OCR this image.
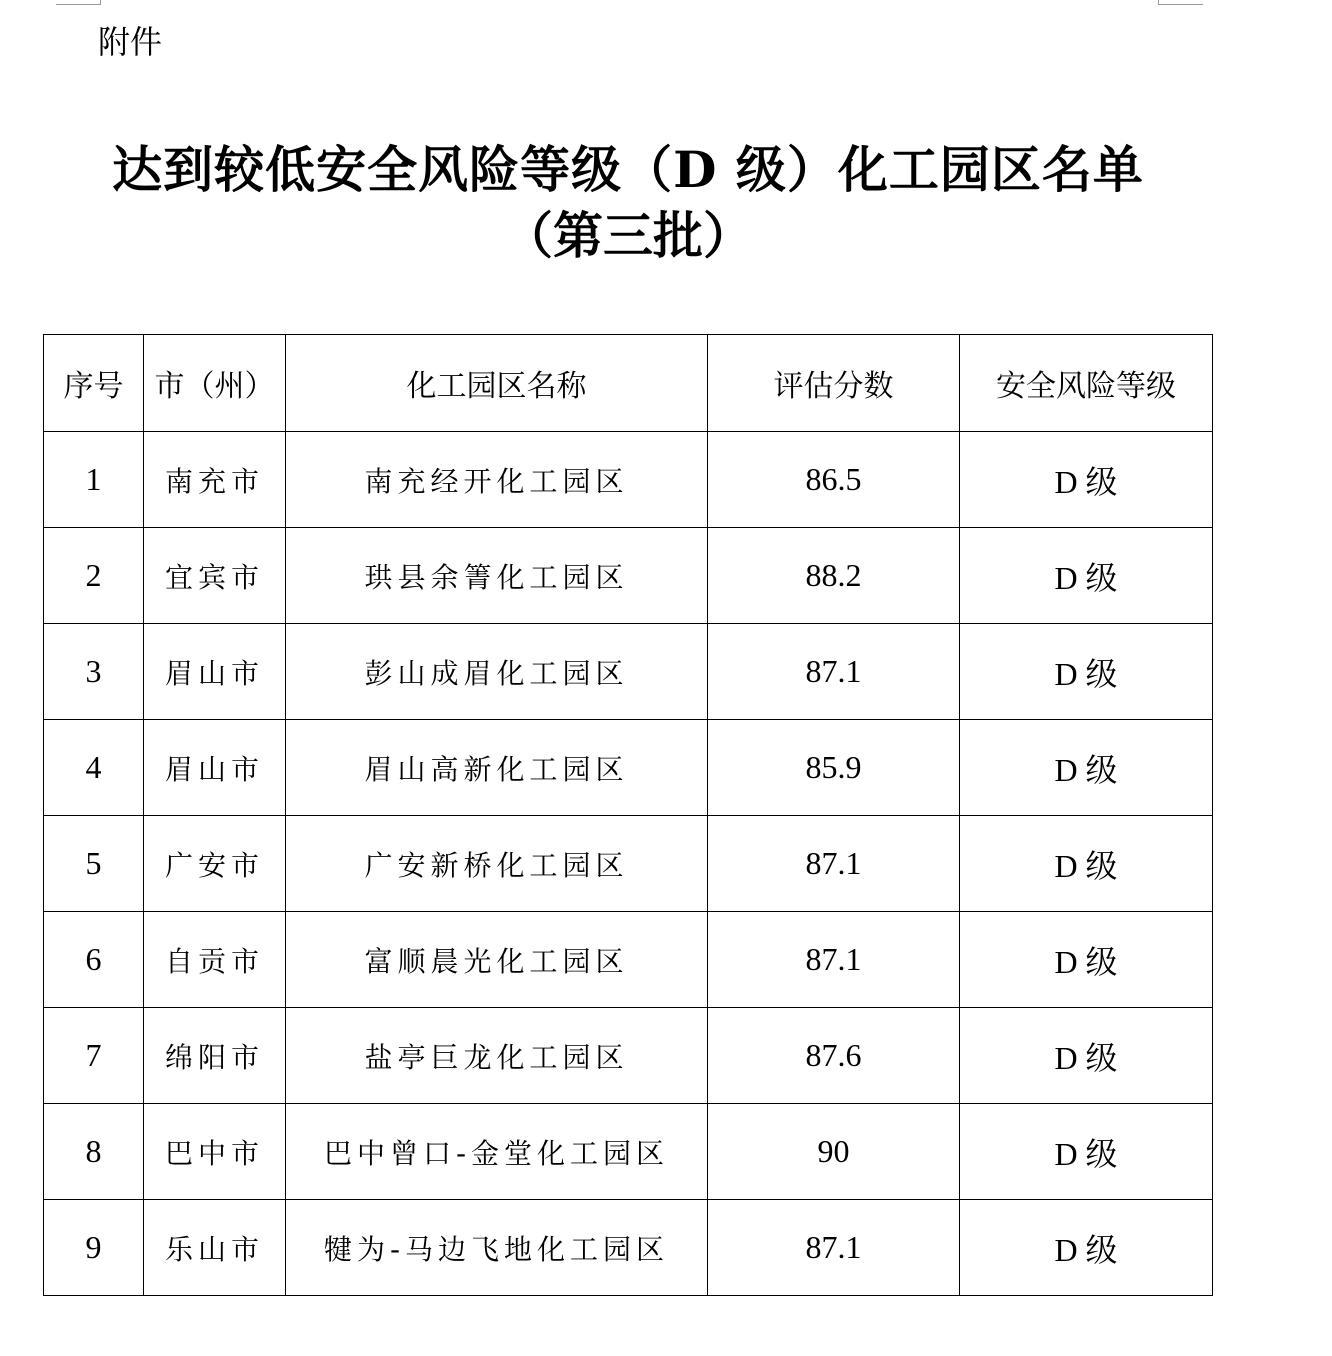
附件
达到较低安全风险等级（D 级）化工园区名单
（第三批）
序号	市（州）	化工园区名称	评估分数	安全风险等级
1	南充市	南充经开化工园区	86.5	D 级
2	宜宾市	珙县余箐化工园区	88.2	D 级
3	眉山市	彭山成眉化工园区	87.1	D 级
4	眉山市	眉山高新化工园区	85.9	D 级
5	广安市	广安新桥化工园区	87.1	D 级
6	自贡市	富顺晨光化工园区	87.1	D 级
7	绵阳市	盐亭巨龙化工园区	87.6	D 级
8	巴中市	巴中曾口-金堂化工园区	90	D 级
9	乐山市	犍为-马边飞地化工园区	87.1	D 级
